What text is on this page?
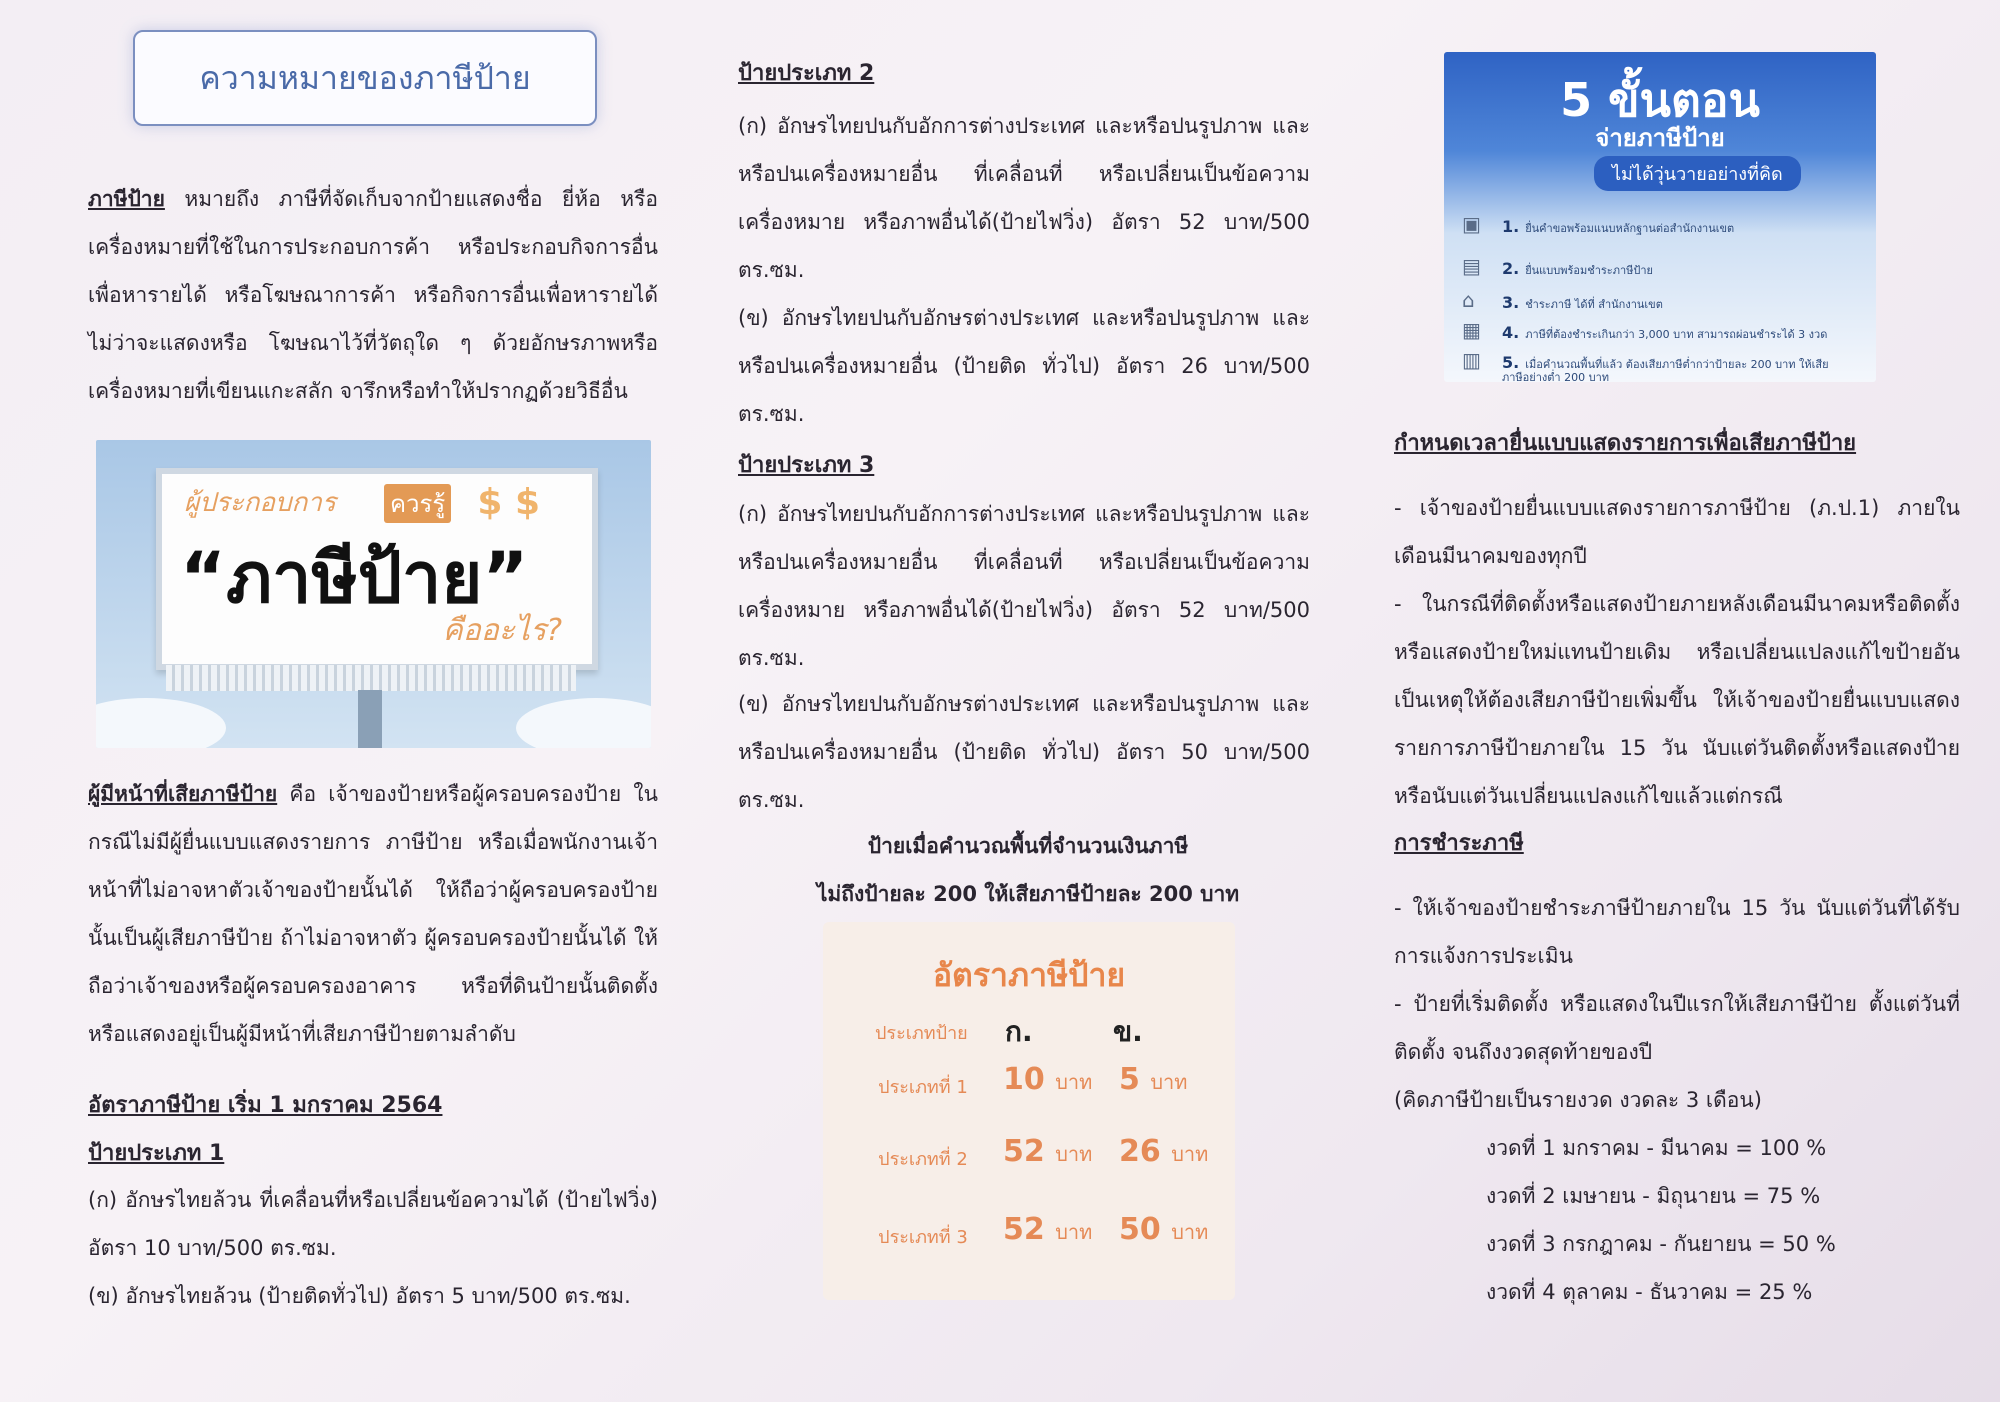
ความหมายของภาษีป้าย

ภาษีป้าย หมายถึง ภาษีที่จัดเก็บจากป้ายแสดงชื่อ ยี่ห้อ หรือเครื่องหมายที่ใช้ในการประกอบการค้า หรือประกอบกิจการอื่นเพื่อหารายได้ หรือโฆษณาการค้า หรือกิจการอื่นเพื่อหารายได้ ไม่ว่าจะแสดงหรือ โฆษณาไว้ที่วัตถุใด ๆ ด้วยอักษรภาพหรือเครื่องหมายที่เขียนแกะสลัก จารึกหรือทำให้ปรากฏด้วยวิธีอื่น

ผู้ประกอบการ ควรรู้ $ $
“ภาษีป้าย”
คืออะไร?

ผู้มีหน้าที่เสียภาษีป้าย คือ เจ้าของป้ายหรือผู้ครอบครองป้าย ในกรณีไม่มีผู้ยื่นแบบแสดงรายการ ภาษีป้าย หรือเมื่อพนักงานเจ้าหน้าที่ไม่อาจหาตัวเจ้าของป้ายนั้นได้ ให้ถือว่าผู้ครอบครองป้ายนั้นเป็นผู้เสียภาษีป้าย ถ้าไม่อาจหาตัว ผู้ครอบครองป้ายนั้นได้ ให้ถือว่าเจ้าของหรือผู้ครอบครองอาคาร หรือที่ดินป้ายนั้นติดตั้ง หรือแสดงอยู่เป็นผู้มีหน้าที่เสียภาษีป้ายตามลำดับ

อัตราภาษีป้าย เริ่ม 1 มกราคม 2564
ป้ายประเภท 1

(ก) อักษรไทยล้วน ที่เคลื่อนที่หรือเปลี่ยนข้อความได้ (ป้ายไฟวิ่ง) อัตรา 10 บาท/500 ตร.ซม.

(ข) อักษรไทยล้วน (ป้ายติดทั่วไป) อัตรา 5 บาท/500 ตร.ซม.

ป้ายประเภท 2

(ก) อักษรไทยปนกับอักการต่างประเทศ และหรือปนรูปภาพ และหรือปนเครื่องหมายอื่น ที่เคลื่อนที่ หรือเปลี่ยนเป็นข้อความเครื่องหมาย หรือภาพอื่นได้(ป้ายไฟวิ่ง) อัตรา 52 บาท/500 ตร.ซม.

(ข) อักษรไทยปนกับอักษรต่างประเทศ และหรือปนรูปภาพ และหรือปนเครื่องหมายอื่น (ป้ายติด ทั่วไป) อัตรา 26 บาท/500 ตร.ซม.

ป้ายประเภท 3

(ก) อักษรไทยปนกับอักการต่างประเทศ และหรือปนรูปภาพ และหรือปนเครื่องหมายอื่น ที่เคลื่อนที่ หรือเปลี่ยนเป็นข้อความเครื่องหมาย หรือภาพอื่นได้(ป้ายไฟวิ่ง) อัตรา 52 บาท/500 ตร.ซม.

(ข) อักษรไทยปนกับอักษรต่างประเทศ และหรือปนรูปภาพ และหรือปนเครื่องหมายอื่น (ป้ายติด ทั่วไป) อัตรา 50 บาท/500 ตร.ซม.

ป้ายเมื่อคำนวณพื้นที่จำนวนเงินภาษี

ไม่ถึงป้ายละ 200 ให้เสียภาษีป้ายละ 200 บาท

อัตราภาษีป้าย
ประเภทป้าย ก.	ข.
ประเภทที่ 1	10 บาท 5 บาท
ประเภทที่ 2	52 บาท 26 บาท
ประเภทที่ 3	52 บาท 50 บาท
5 ขั้นตอน
จ่ายภาษีป้าย
ไม่ได้วุ่นวายอย่างที่คิด
▣ 1. ยื่นคำขอพร้อมแนบหลักฐานต่อสำนักงานเขต
▤ 2. ยื่นแบบพร้อมชำระภาษีป้าย
⌂ 3. ชำระภาษี ได้ที่ สำนักงานเขต
▦ 4. ภาษีที่ต้องชำระเกินกว่า 3,000 บาท สามารถผ่อนชำระได้ 3 งวด
▥ 5. เมื่อคำนวณพื้นที่แล้ว ต้องเสียภาษีต่ำกว่าป้ายละ 200 บาท ให้เสียภาษีอย่างต่ำ 200 บาท
กำหนดเวลายื่นแบบแสดงรายการเพื่อเสียภาษีป้าย

- เจ้าของป้ายยื่นแบบแสดงรายการภาษีป้าย (ภ.ป.1) ภายในเดือนมีนาคมของทุกปี

- ในกรณีที่ติดตั้งหรือแสดงป้ายภายหลังเดือนมีนาคมหรือติดตั้งหรือแสดงป้ายใหม่แทนป้ายเดิม หรือเปลี่ยนแปลงแก้ไขป้ายอันเป็นเหตุให้ต้องเสียภาษีป้ายเพิ่มขึ้น ให้เจ้าของป้ายยื่นแบบแสดงรายการภาษีป้ายภายใน 15 วัน นับแต่วันติดตั้งหรือแสดงป้ายหรือนับแต่วันเปลี่ยนแปลงแก้ไขแล้วแต่กรณี

การชำระภาษี

- ให้เจ้าของป้ายชำระภาษีป้ายภายใน 15 วัน นับแต่วันที่ได้รับการแจ้งการประเมิน

- ป้ายที่เริ่มติดตั้ง หรือแสดงในปีแรกให้เสียภาษีป้าย ตั้งแต่วันที่ติดตั้ง จนถึงงวดสุดท้ายของปี

(คิดภาษีป้ายเป็นรายงวด งวดละ 3 เดือน)

งวดที่ 1 มกราคม - มีนาคม = 100 %

งวดที่ 2 เมษายน - มิถุนายน = 75 %

งวดที่ 3 กรกฎาคม - กันยายน = 50 %

งวดที่ 4 ตุลาคม - ธันวาคม = 25 %
